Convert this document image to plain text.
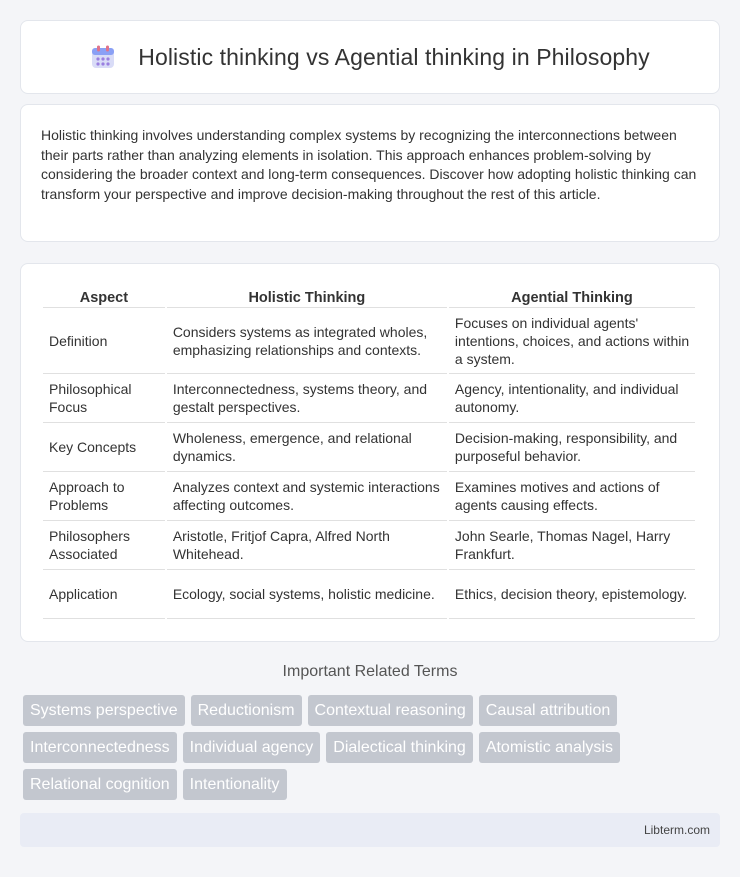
Holistic thinking vs Agential thinking in Philosophy

Holistic thinking involves understanding complex systems by recognizing the interconnections between their parts rather than analyzing elements in isolation. This approach enhances problem-solving by considering the broader context and long-term consequences. Discover how adopting holistic thinking can transform your perspective and improve decision-making throughout the rest of this article.

Aspect	Holistic Thinking	Agential Thinking
Definition	Considers systems as integrated wholes, emphasizing relationships and contexts.	Focuses on individual agents' intentions, choices, and actions within a system.
Philosophical Focus	Interconnectedness, systems theory, and gestalt perspectives.	Agency, intentionality, and individual autonomy.
Key Concepts	Wholeness, emergence, and relational dynamics.	Decision-making, responsibility, and purposeful behavior.
Approach to Problems	Analyzes context and systemic interactions affecting outcomes.	Examines motives and actions of agents causing effects.
Philosophers Associated	Aristotle, Fritjof Capra, Alfred North Whitehead.	John Searle, Thomas Nagel, Harry Frankfurt.
Application	Ecology, social systems, holistic medicine.	Ethics, decision theory, epistemology.
Important Related Terms
Systems perspective	Reductionism	Contextual reasoning	Causal attribution
Interconnectedness	Individual agency	Dialectical thinking	Atomistic analysis
Relational cognition	Intentionality
Libterm.com
